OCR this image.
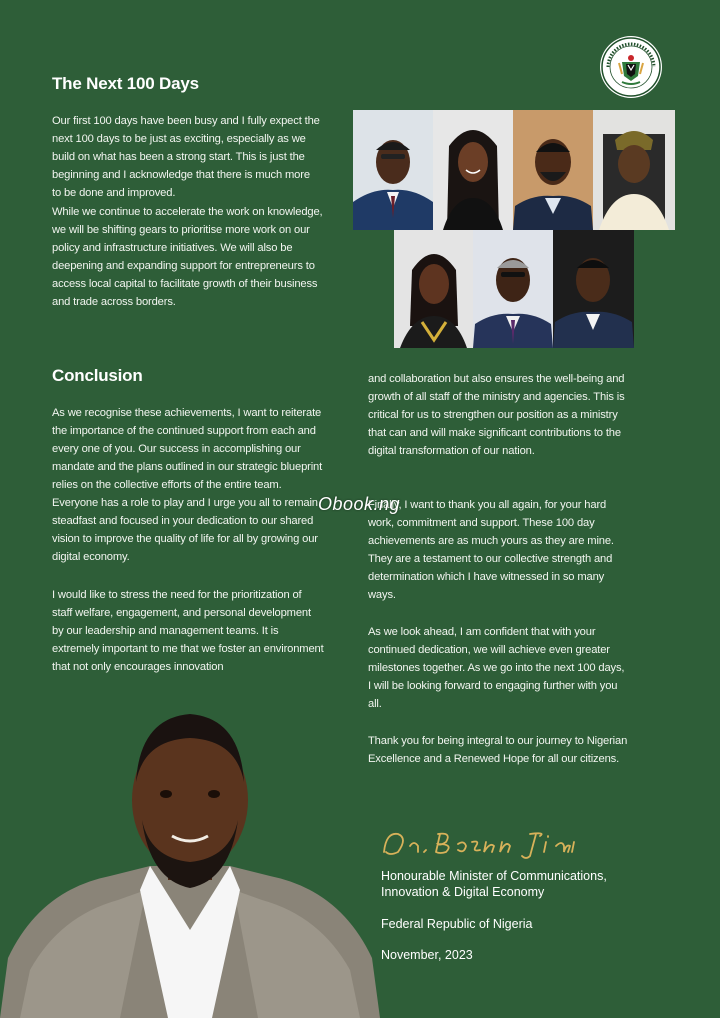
The Next 100 Days

Our first 100 days have been busy and I fully expect the next 100 days to be just as exciting, especially as we build on what has been a strong start. This is just the beginning and I acknowledge that there is much more to be done and improved.

While we continue to accelerate the work on knowledge, we will be shifting gears to prioritise more work on our policy and infrastructure initiatives. We will also be deepening and expanding support for entrepreneurs to access local capital to facilitate growth of their business and trade across borders.

Conclusion

As we recognise these achievements, I want to reiterate the importance of the continued support from each and every one of you. Our success in accomplishing our mandate and the plans outlined in our strategic blueprint relies on the collective efforts of the entire team. Everyone has a role to play and I urge you all to remain steadfast and focused in your dedication to our shared vision to improve the quality of life for all by growing our digital economy.

I would like to stress the need for the prioritization of staff welfare, engagement, and personal development by our leadership and management teams. It is extremely important to me that we foster an environment that not only encourages innovation

and collaboration but also ensures the well-being and growth of all staff of the ministry and agencies. This is critical for us to strengthen our position as a ministry that can and will make significant contributions to the digital transformation of our nation.

Finally, I want to thank you all again, for your hard work, commitment and support. These 100 day achievements are as much yours as they are mine. They are a testament to our collective strength and determination which I have witnessed in so many ways.

As we look ahead, I am confident that with your continued dedication, we will achieve even greater milestones together. As we go into the next 100 days, I will be looking forward to engaging further with you all.

Thank you for being integral to our journey to Nigerian Excellence and a Renewed Hope for all our citizens.

Obook.ng
Honourable Minister of Communications,
Innovation & Digital Economy
Federal Republic of Nigeria
November, 2023
